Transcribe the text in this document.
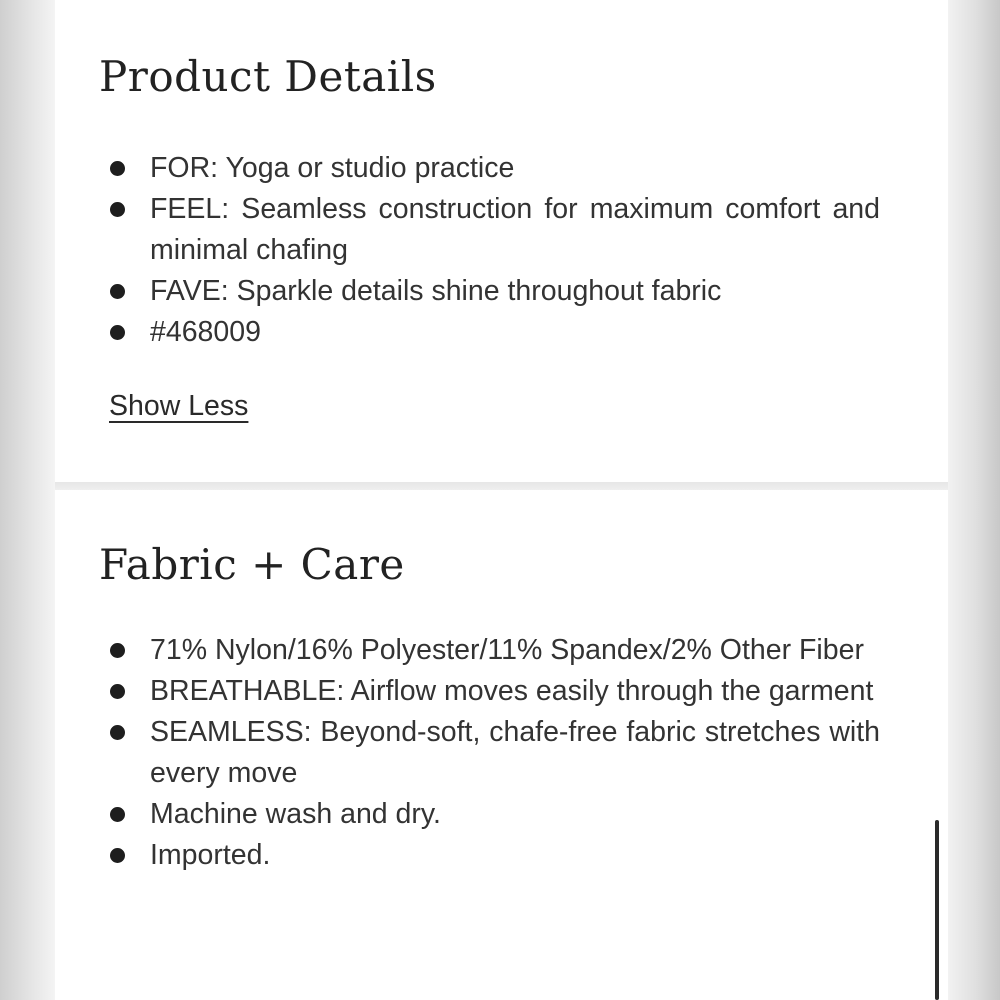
Product Details
FOR: Yoga or studio practice
FEEL: Seamless construction for maximum comfort and minimal chafing
FAVE: Sparkle details shine throughout fabric
#468009
Show Less
Fabric + Care
71% Nylon/16% Polyester/11% Spandex/2% Other Fiber
BREATHABLE: Airflow moves easily through the garment
SEAMLESS: Beyond-soft, chafe-free fabric stretches with every move
Machine wash and dry.
Imported.
